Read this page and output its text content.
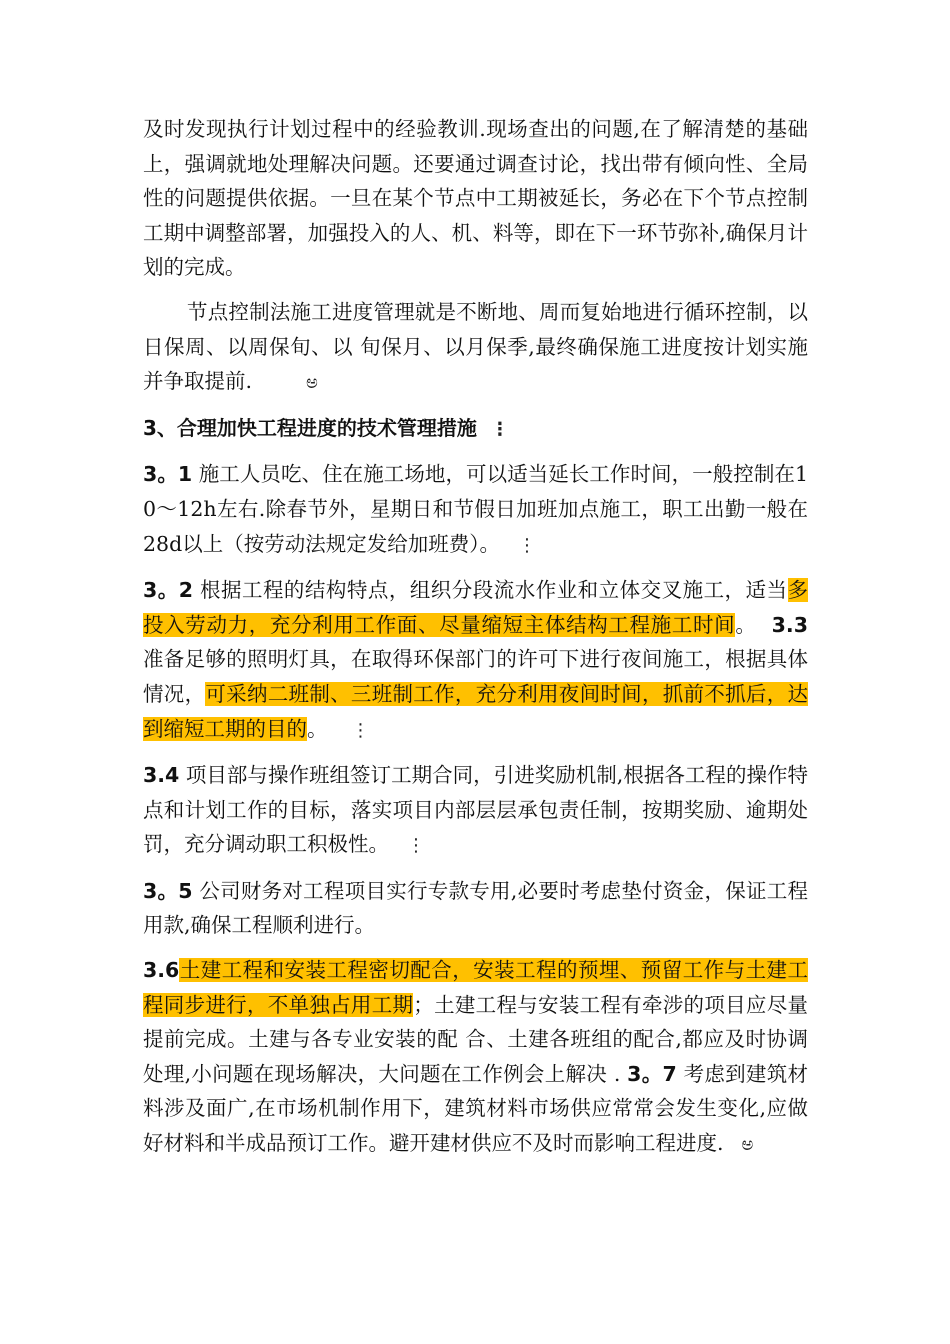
及时发现执行计划过程中的经验教训.现场查出的问题,在了解清楚的基础上，强调就地处理解决问题。还要通过调查讨论，找出带有倾向性、全局性的问题提供依据。一旦在某个节点中工期被延长，务必在下个节点控制工期中调整部署，加强投入的人、机、料等，即在下一环节弥补,确保月计划的完成。

节点控制法施工进度管理就是不断地、周而复始地进行循环控制，以日保周、以周保旬、以 旬保月、以月保季,最终确保施工进度按计划实施并争取提前.	ಅ

3、合理加快工程进度的技术管理措施 ⋮

3。1 施工人员吃、住在施工场地，可以适当延长工作时间，一般控制在10～12h左右.除春节外，星期日和节假日加班加点施工，职工出勤一般在28d以上（按劳动法规定发给加班费）。 ⋮

3。2 根据工程的结构特点，组织分段流水作业和立体交叉施工，适当多投入劳动力，充分利用工作面、尽量缩短主体结构工程施工时间。 3.3 准备足够的照明灯具，在取得环保部门的许可下进行夜间施工，根据具体情况，可采纳二班制、三班制工作，充分利用夜间时间，抓前不抓后，达到缩短工期的目的。 ⋮

3.4 项目部与操作班组签订工期合同，引进奖励机制,根据各工程的操作特点和计划工作的目标，落实项目内部层层承包责任制，按期奖励、逾期处罚，充分调动职工积极性。 ⋮

3。5 公司财务对工程项目实行专款专用,必要时考虑垫付资金，保证工程用款,确保工程顺利进行。

3.6土建工程和安装工程密切配合，安装工程的预埋、预留工作与土建工程同步进行，不单独占用工期；土建工程与安装工程有牵涉的项目应尽量提前完成。土建与各专业安装的配 合、土建各班组的配合,都应及时协调处理,小问题在现场解决，大问题在工作例会上解决 . 3。7 考虑到建筑材料涉及面广,在市场机制作用下，建筑材料市场供应常常会发生变化,应做好材料和半成品预订工作。避开建材供应不及时而影响工程进度. ಅ
